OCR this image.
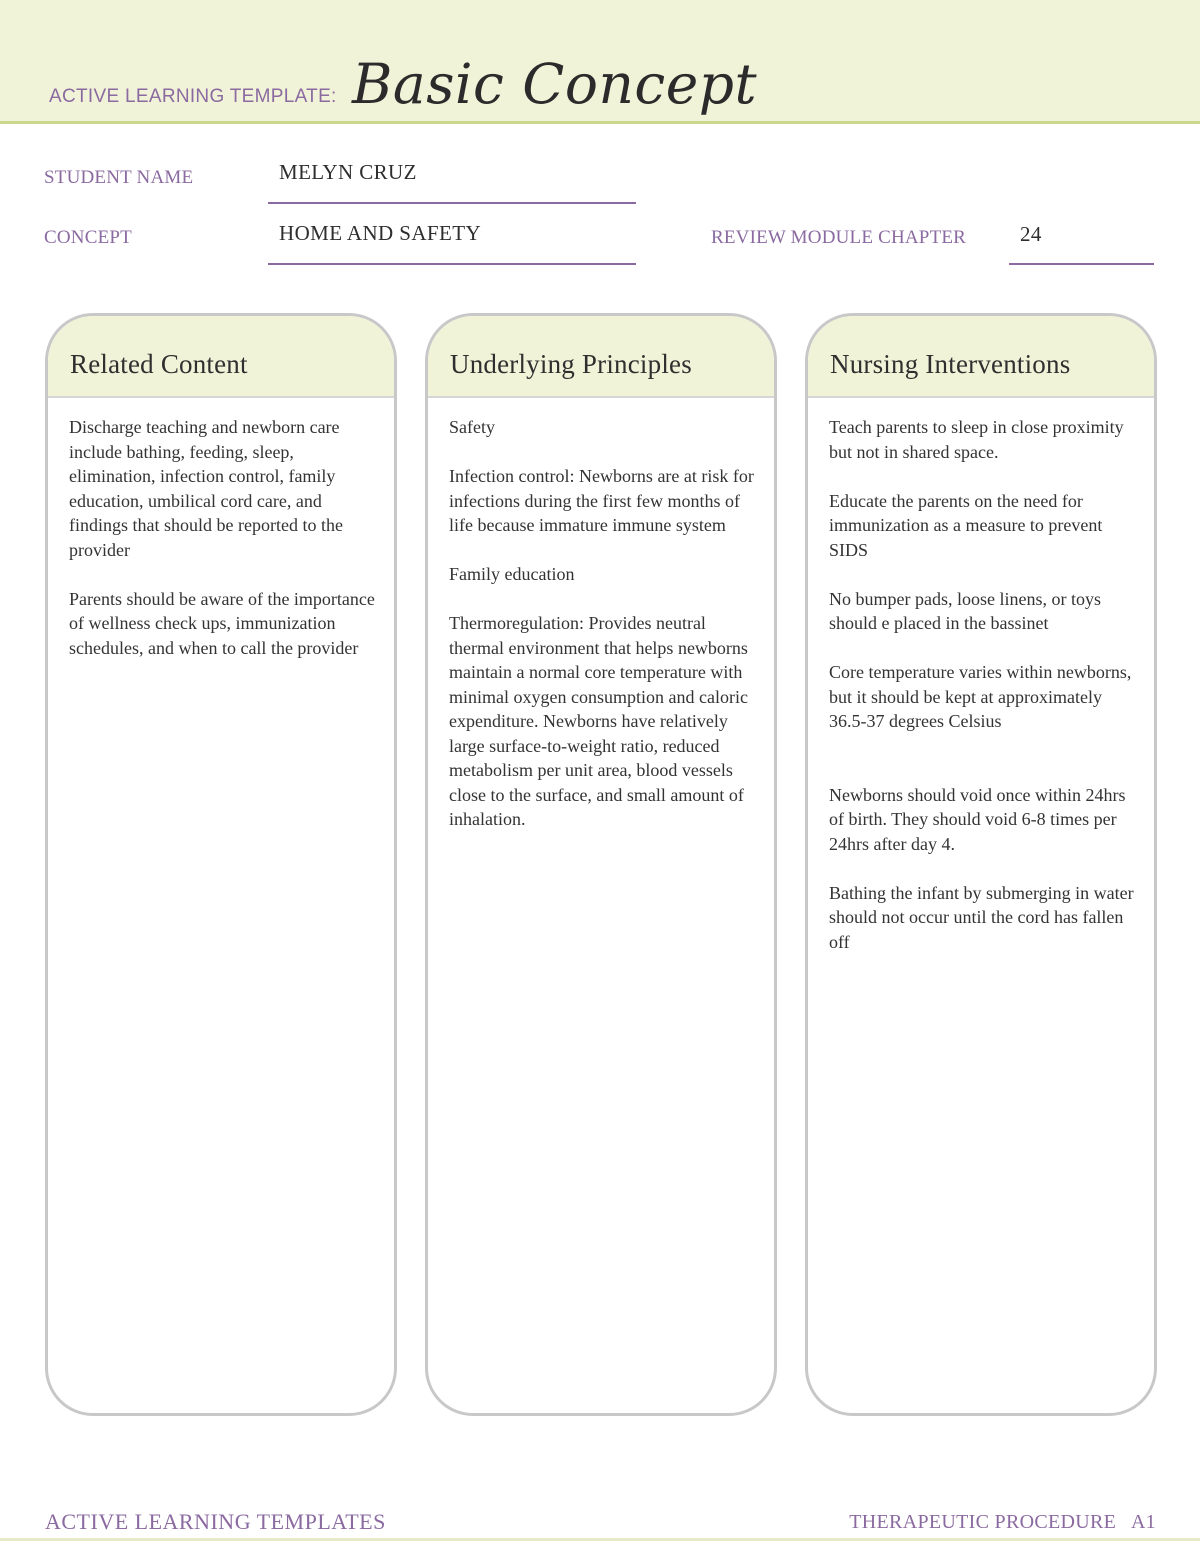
ACTIVE LEARNING TEMPLATE: Basic Concept
STUDENT NAME	MELYN CRUZ
CONCEPT	HOME AND SAFETY	REVIEW MODULE CHAPTER	24
Related Content

Discharge teaching and newborn care include bathing, feeding, sleep, elimination, infection control, family education, umbilical cord care, and findings that should be reported to the provider

Parents should be aware of the importance of wellness check ups, immunization schedules, and when to call the provider

Underlying Principles

Safety

Infection control: Newborns are at risk for infections during the first few months of life because immature immune system

Family education

Thermoregulation: Provides neutral thermal environment that helps newborns maintain a normal core temperature with minimal oxygen consumption and caloric expenditure. Newborns have relatively large surface-to-weight ratio, reduced metabolism per unit area, blood vessels close to the surface, and small amount of inhalation.

Nursing Interventions

Teach parents to sleep in close proximity but not in shared space.

Educate the parents on the need for immunization as a measure to prevent SIDS

No bumper pads, loose linens, or toys should e placed in the bassinet

Core temperature varies within newborns, but it should be kept at approximately 36.5-37 degrees Celsius

Newborns should void once within 24hrs of birth. They should void 6-8 times per 24hrs after day 4.

Bathing the infant by submerging in water should not occur until the cord has fallen off

ACTIVE LEARNING TEMPLATES	THERAPEUTIC PROCEDURE   A1
